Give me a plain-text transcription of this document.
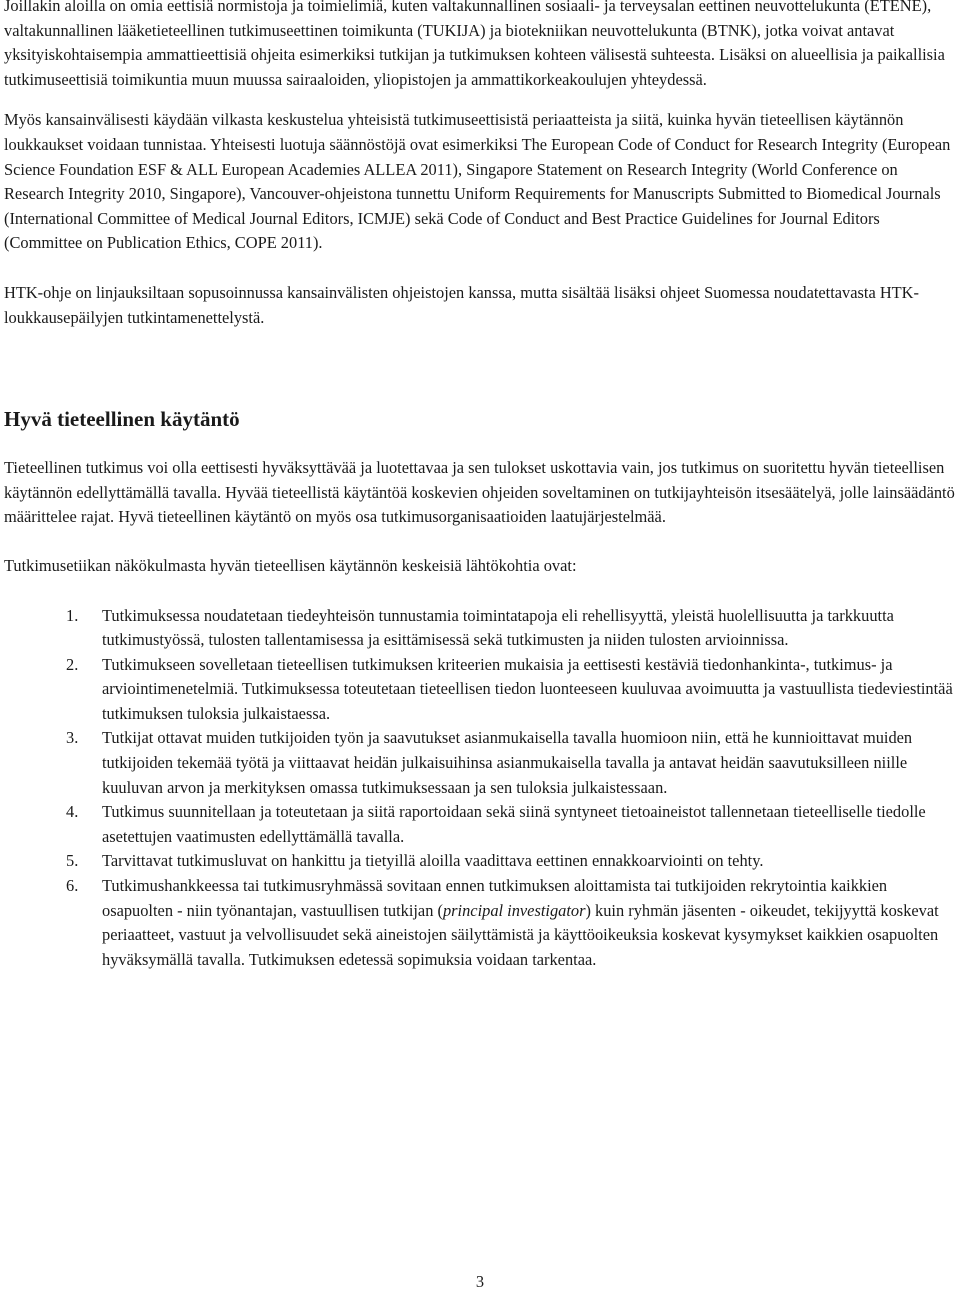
Joillakin aloilla on omia eettisiä normistoja ja toimielimiä, kuten valtakunnallinen sosiaali- ja terveysalan eettinen neuvottelukunta (ETENE), valtakunnallinen lääketieteellinen tutkimuseettinen toimikunta (TUKIJA) ja biotekniikan neuvottelukunta (BTNK), jotka voivat antavat yksityiskohtaisempia ammattieettisiä ohjeita esimerkiksi tutkijan ja tutkimuksen kohteen välisestä suhteesta. Lisäksi on alueellisia ja paikallisia tutkimuseettisiä toimikuntia muun muussa sairaaloiden, yliopistojen ja ammattikorkeakoulujen yhteydessä.

Myös kansainvälisesti käydään vilkasta keskustelua yhteisistä tutkimuseettisistä periaatteista ja siitä, kuinka hyvän tieteellisen käytännön loukkaukset voidaan tunnistaa. Yhteisesti luotuja säännöstöjä ovat esimerkiksi The European Code of Conduct for Research Integrity (European Science Foundation ESF & ALL European Academies ALLEA 2011), Singapore Statement on Research Integrity (World Conference on Research Integrity 2010, Singapore), Vancouver-ohjeistona tunnettu Uniform Requirements for Manuscripts Submitted to Biomedical Journals (International Committee of Medical Journal Editors, ICMJE) sekä Code of Conduct and Best Practice Guidelines for Journal Editors (Committee on Publication Ethics, COPE 2011).

HTK-ohje on linjauksiltaan sopusoinnussa kansainvälisten ohjeistojen kanssa, mutta sisältää lisäksi ohjeet Suomessa noudatettavasta HTK-loukkausepäilyjen tutkintamenettelystä.

Hyvä tieteellinen käytäntö

Tieteellinen tutkimus voi olla eettisesti hyväksyttävää ja luotettavaa ja sen tulokset uskottavia vain, jos tutkimus on suoritettu hyvän tieteellisen käytännön edellyttämällä tavalla. Hyvää tieteellistä käytäntöä koskevien ohjeiden soveltaminen on tutkijayhteisön itsesäätelyä, jolle lainsäädäntö määrittelee rajat. Hyvä tieteellinen käytäntö on myös osa tutkimusorganisaatioiden laatujärjestelmää.

Tutkimusetiikan näkökulmasta hyvän tieteellisen käytännön keskeisiä lähtökohtia ovat:

1. Tutkimuksessa noudatetaan tiedeyhteisön tunnustamia toimintatapoja eli rehellisyyttä, yleistä huolellisuutta ja tarkkuutta tutkimustyössä, tulosten tallentamisessa ja esittämisessä sekä tutkimusten ja niiden tulosten arvioinnissa.
2. Tutkimukseen sovelletaan tieteellisen tutkimuksen kriteerien mukaisia ja eettisesti kestäviä tiedonhankinta-, tutkimus- ja arviointimenetelmiä. Tutkimuksessa toteutetaan tieteellisen tiedon luonteeseen kuuluvaa avoimuutta ja vastuullista tiedeviestintää tutkimuksen tuloksia julkaistaessa.
3. Tutkijat ottavat muiden tutkijoiden työn ja saavutukset asianmukaisella tavalla huomioon niin, että he kunnioittavat muiden tutkijoiden tekemää työtä ja viittaavat heidän julkaisuihinsa asianmukaisella tavalla ja antavat heidän saavutuksilleen niille kuuluvan arvon ja merkityksen omassa tutkimuksessaan ja sen tuloksia julkaistessaan.
4. Tutkimus suunnitellaan ja toteutetaan ja siitä raportoidaan sekä siinä syntyneet tietoaineistot tallennetaan tieteelliselle tiedolle asetettujen vaatimusten edellyttämällä tavalla.
5. Tarvittavat tutkimusluvat on hankittu ja tietyillä aloilla vaadittava eettinen ennakkoarviointi on tehty.
6. Tutkimushankkeessa tai tutkimusryhmässä sovitaan ennen tutkimuksen aloittamista tai tutkijoiden rekrytointia kaikkien osapuolten - niin työnantajan, vastuullisen tutkijan (principal investigator) kuin ryhmän jäsenten - oikeudet, tekijyyttä koskevat periaatteet, vastuut ja velvollisuudet sekä aineistojen säilyttämistä ja käyttöoikeuksia koskevat kysymykset kaikkien osapuolten hyväksymällä tavalla. Tutkimuksen edetessä sopimuksia voidaan tarkentaa.
3
